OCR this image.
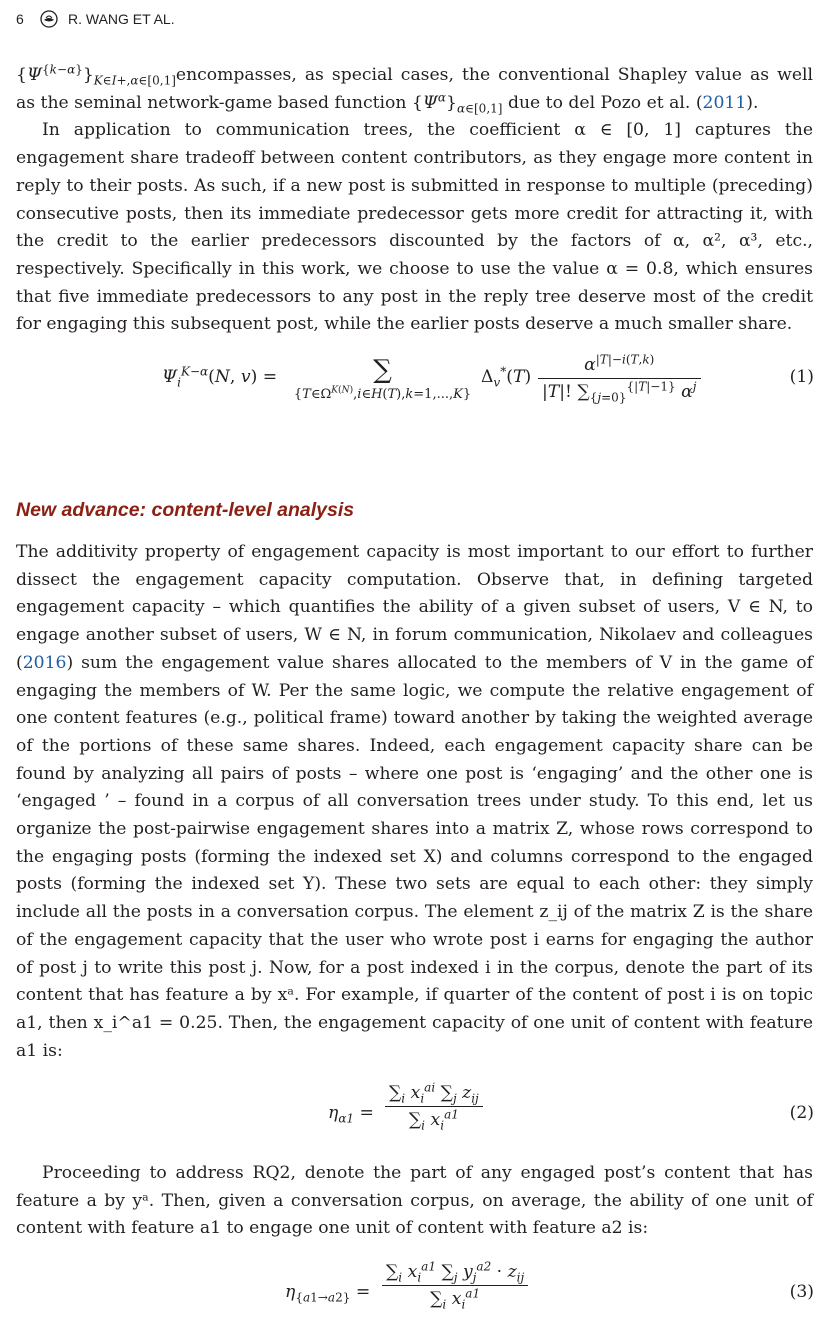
6	R. WANG ET AL.

$\{\Psi^{\{k-\alpha\}}\}_{K\in I+,\alpha\in[0,1]}encompasses$, as special cases, the conventional Shapley value as well as the seminal network-game based function $\{\Psi^\alpha\}_{\alpha\in[0,1]}$ due to del Pozo et al. (2011).

In application to communication trees, the coefficient α ∈ [0, 1] captures the engagement share tradeoff between content contributors, as they engage more content in reply to their posts. As such, if a new post is submitted in response to multiple (preceding) consecutive posts, then its immediate predecessor gets more credit for attracting it, with the credit to the earlier predecessors discounted by the factors of α, α², α³, etc., respectively. Specifically in this work, we choose to use the value α = 0.8, which ensures that five immediate predecessors to any post in the reply tree deserve most of the credit for engaging this subsequent post, while the earlier posts deserve a much smaller share.

$\Psi_i^{K-\alpha}(N$, v) =	∑
$\{T\in\Omega^{K(N)},i\in H(T),k=1,...,K\}$
$\Delta_v^*(T) \frac{\alpha^{|T|-i(T,k)}}{|T|! \sum_{\{j=0\}}^{\{|T|-1\}} \alpha^j}$	(1)
New advance: content-level analysis

The additivity property of engagement capacity is most important to our effort to further dissect the engagement capacity computation. Observe that, in defining targeted engagement capacity – which quantifies the ability of a given subset of users, V ∈ N, to engage another subset of users, W ∈ N, in forum communication, Nikolaev and colleagues (2016) sum the engagement value shares allocated to the members of V in the game of engaging the members of W. Per the same logic, we compute the relative engagement of one content features (e.g., political frame) toward another by taking the weighted average of the portions of these same shares. Indeed, each engagement capacity share can be found by analyzing all pairs of posts – where one post is ‘engaging’ and the other one is ‘engaged ’ – found in a corpus of all conversation trees under study. To this end, let us organize the post-pairwise engagement shares into a matrix Z, whose rows correspond to the engaging posts (forming the indexed set X) and columns correspond to the engaged posts (forming the indexed set Y). These two sets are equal to each other: they simply include all the posts in a conversation corpus. The element z_ij of the matrix Z is the share of the engagement capacity that the user who wrote post i earns for engaging the author of post j to write this post j. Now, for a post indexed i in the corpus, denote the part of its content that has feature a by xᵃ. For example, if quarter of the content of post i is on topic a1, then x_i^a1 = 0.25. Then, the engagement capacity of one unit of content with feature a1 is:

$\eta_{\alpha 1} = \frac{\sum_i x_i^{ai} \sum_j z_{ij}}{\sum_i x_i^{a1}}$	(2)

Proceeding to address RQ2, denote the part of any engaged post’s content that has feature a by yᵃ. Then, given a conversation corpus, on average, the ability of one unit of content with feature a1 to engage one unit of content with feature a2 is:

$\eta_{\{a1\to a2\}} = \frac{\sum_i x_i^{a1} \sum_j y_j^{a2} \cdot z_{ij}}{\sum_i x_i^{a1}}$	(3)
